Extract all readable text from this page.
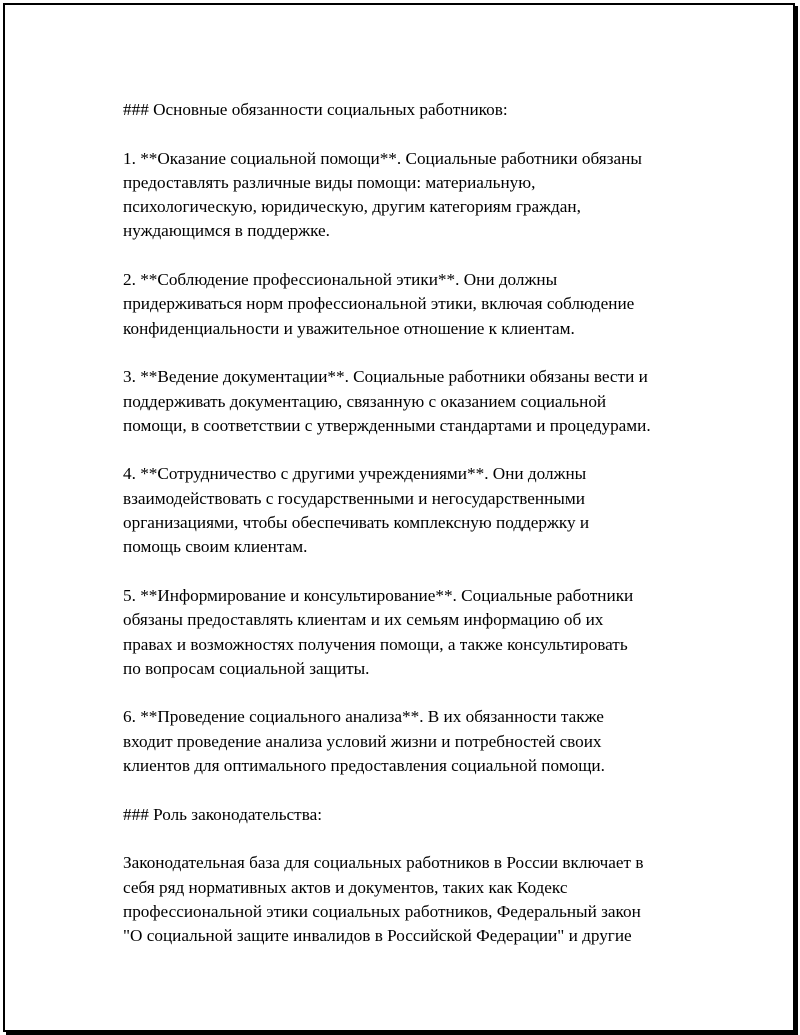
### Основные обязанности социальных работников:
1. **Оказание социальной помощи**. Социальные работники обязаны
предоставлять различные виды помощи: материальную,
психологическую, юридическую, другим категориям граждан,
нуждающимся в поддержке.
2. **Соблюдение профессиональной этики**. Они должны
придерживаться норм профессиональной этики, включая соблюдение
конфиденциальности и уважительное отношение к клиентам.
3. **Ведение документации**. Социальные работники обязаны вести и
поддерживать документацию, связанную с оказанием социальной
помощи, в соответствии с утвержденными стандартами и процедурами.
4. **Сотрудничество с другими учреждениями**. Они должны
взаимодействовать с государственными и негосударственными
организациями, чтобы обеспечивать комплексную поддержку и
помощь своим клиентам.
5. **Информирование и консультирование**. Социальные работники
обязаны предоставлять клиентам и их семьям информацию об их
правах и возможностях получения помощи, а также консультировать
по вопросам социальной защиты.
6. **Проведение социального анализа**. В их обязанности также
входит проведение анализа условий жизни и потребностей своих
клиентов для оптимального предоставления социальной помощи.
### Роль законодательства:
Законодательная база для социальных работников в России включает в
себя ряд нормативных актов и документов, таких как Кодекс
профессиональной этики социальных работников, Федеральный закон
"О социальной защите инвалидов в Российской Федерации" и другие
